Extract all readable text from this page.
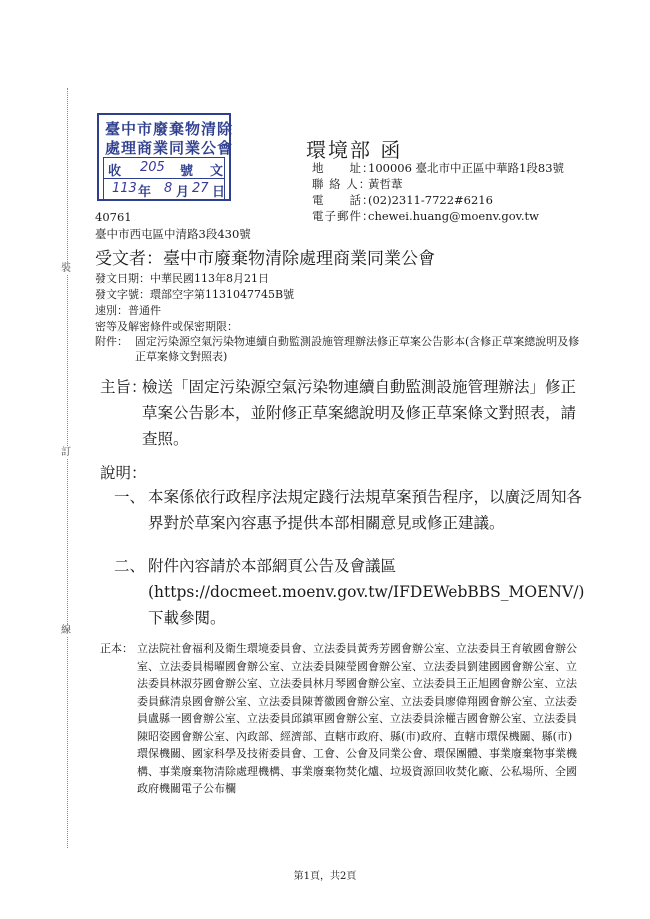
裝
訂
線
臺中市廢棄物清除
處理商業同業公會
收 205 號 文
113 年 8 月 27 日
環境部 函
地　　址：100006 臺北市中正區中華路1段83號
聯 絡 人：黃哲葦
電　　話：(02)2311-7722#6216
電子郵件：chewei.huang@moenv.gov.tw
40761
臺中市西屯區中清路3段430號
受文者：臺中市廢棄物清除處理商業同業公會
發文日期：中華民國113年8月21日
發文字號：環部空字第1131047745B號
速別：普通件
密等及解密條件或保密期限：
附件： 固定污染源空氣污染物連續自動監測設施管理辦法修正草案公告影本(含修正草案總說明及修正草案條文對照表)
主旨：
檢送「固定污染源空氣污染物連續自動監測設施管理辦法」修正草案公告影本，並附修正草案總說明及修正草案條文對照表，請查照。
說明：
一、 本案係依行政程序法規定踐行法規草案預告程序，以廣泛周知各界對於草案內容惠予提供本部相關意見或修正建議。
二、 附件內容請於本部網頁公告及會議區 (https://docmeet.moenv.gov.tw/IFDEWebBBS_MOENV/) 下載參閱。
正本： 立法院社會福利及衛生環境委員會、立法委員黃秀芳國會辦公室、立法委員王育敏國會辦公室、立法委員楊曜國會辦公室、立法委員陳瑩國會辦公室、立法委員劉建國國會辦公室、立法委員林淑芬國會辦公室、立法委員林月琴國會辦公室、立法委員王正旭國會辦公室、立法委員蘇清泉國會辦公室、立法委員陳菁徽國會辦公室、立法委員廖偉翔國會辦公室、立法委員盧縣一國會辦公室、立法委員邱鎮軍國會辦公室、立法委員涂權吉國會辦公室、立法委員陳昭姿國會辦公室、內政部、經濟部、直轄市政府、縣(市)政府、直轄市環保機關、縣(市)環保機關、國家科學及技術委員會、工會、公會及同業公會、環保團體、事業廢棄物事業機構、事業廢棄物清除處理機構、事業廢棄物焚化爐、垃圾資源回收焚化廠、公私場所、全國政府機關電子公布欄
第1頁，共2頁
